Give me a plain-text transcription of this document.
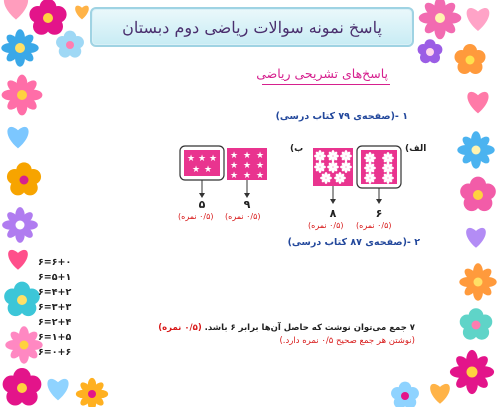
پاسخ نمونه سوالات ریاضی دوم دبستان
پاسخ‌های تشریحی ریاضی
۱ -(صفحه‌ی ۷۹ کتاب درسی)
الف)
۸	۶
(۰/۵ نمره) (۰/۵ نمره)
ب)
★ ★ ★
★ ★
★ ★ ★
★ ★ ★
★ ★ ★
۵	۹
(۰/۵ نمره) (۰/۵ نمره)
۲ -(صفحه‌ی ۸۷ کتاب درسی)
۶=۶+۰
۶=۵+۱
۶=۴+۲
۶=۳+۳
۶=۲+۴
۶=۱+۵
۶=۰+۶
۷ جمع می‌توان نوشت که حاصل آن‌ها برابر ۶ باشد. (۰/۵ نمره)
(نوشتن هر جمع صحیح ۰/۵ نمره دارد.)
